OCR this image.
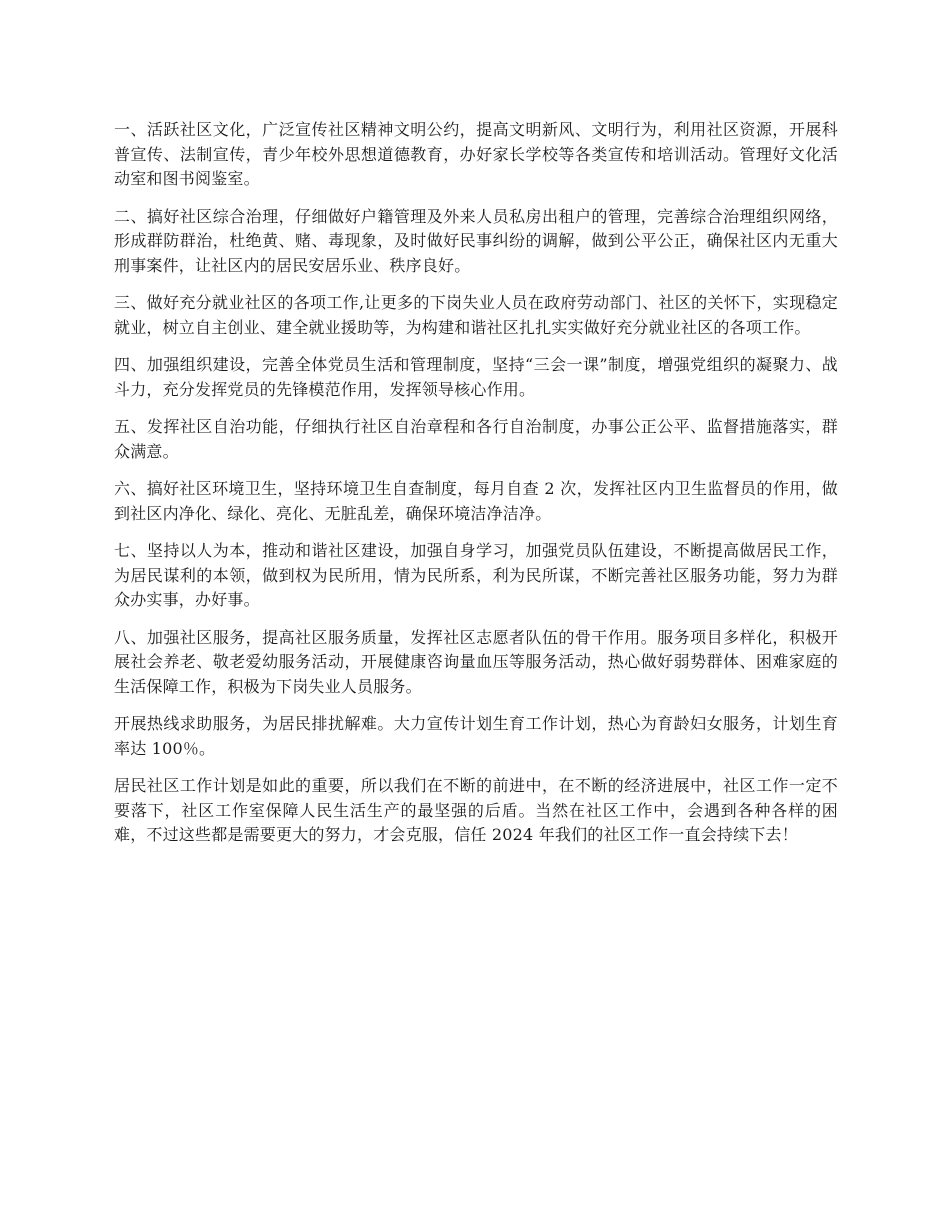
一、活跃社区文化，广泛宣传社区精神文明公约，提高文明新风、文明行为，利用社区资源，开展科普宣传、法制宣传，青少年校外思想道德教育，办好家长学校等各类宣传和培训活动。管理好文化活动室和图书阅鉴室。

二、搞好社区综合治理，仔细做好户籍管理及外来人员私房出租户的管理，完善综合治理组织网络，形成群防群治，杜绝黄、赌、毒现象，及时做好民事纠纷的调解，做到公平公正，确保社区内无重大刑事案件，让社区内的居民安居乐业、秩序良好。

三、做好充分就业社区的各项工作,让更多的下岗失业人员在政府劳动部门、社区的关怀下，实现稳定就业，树立自主创业、建全就业援助等，为构建和谐社区扎扎实实做好充分就业社区的各项工作。

四、加强组织建设，完善全体党员生活和管理制度，坚持“三会一课”制度，增强党组织的凝聚力、战斗力，充分发挥党员的先锋模范作用，发挥领导核心作用。

五、发挥社区自治功能，仔细执行社区自治章程和各行自治制度，办事公正公平、监督措施落实，群众满意。

六、搞好社区环境卫生，坚持环境卫生自查制度，每月自查 2 次，发挥社区内卫生监督员的作用，做到社区内净化、绿化、亮化、无脏乱差，确保环境洁净洁净。

七、坚持以人为本，推动和谐社区建设，加强自身学习，加强党员队伍建设，不断提高做居民工作，为居民谋利的本领，做到权为民所用，情为民所系，利为民所谋，不断完善社区服务功能，努力为群众办实事，办好事。

八、加强社区服务，提高社区服务质量，发挥社区志愿者队伍的骨干作用。服务项目多样化，积极开展社会养老、敬老爱幼服务活动，开展健康咨询量血压等服务活动，热心做好弱势群体、困难家庭的生活保障工作，积极为下岗失业人员服务。

开展热线求助服务，为居民排扰解难。大力宣传计划生育工作计划，热心为育龄妇女服务，计划生育率达 100％。

居民社区工作计划是如此的重要，所以我们在不断的前进中，在不断的经济进展中，社区工作一定不要落下，社区工作室保障人民生活生产的最坚强的后盾。当然在社区工作中，会遇到各种各样的困难，不过这些都是需要更大的努力，才会克服，信任 2024 年我们的社区工作一直会持续下去！
